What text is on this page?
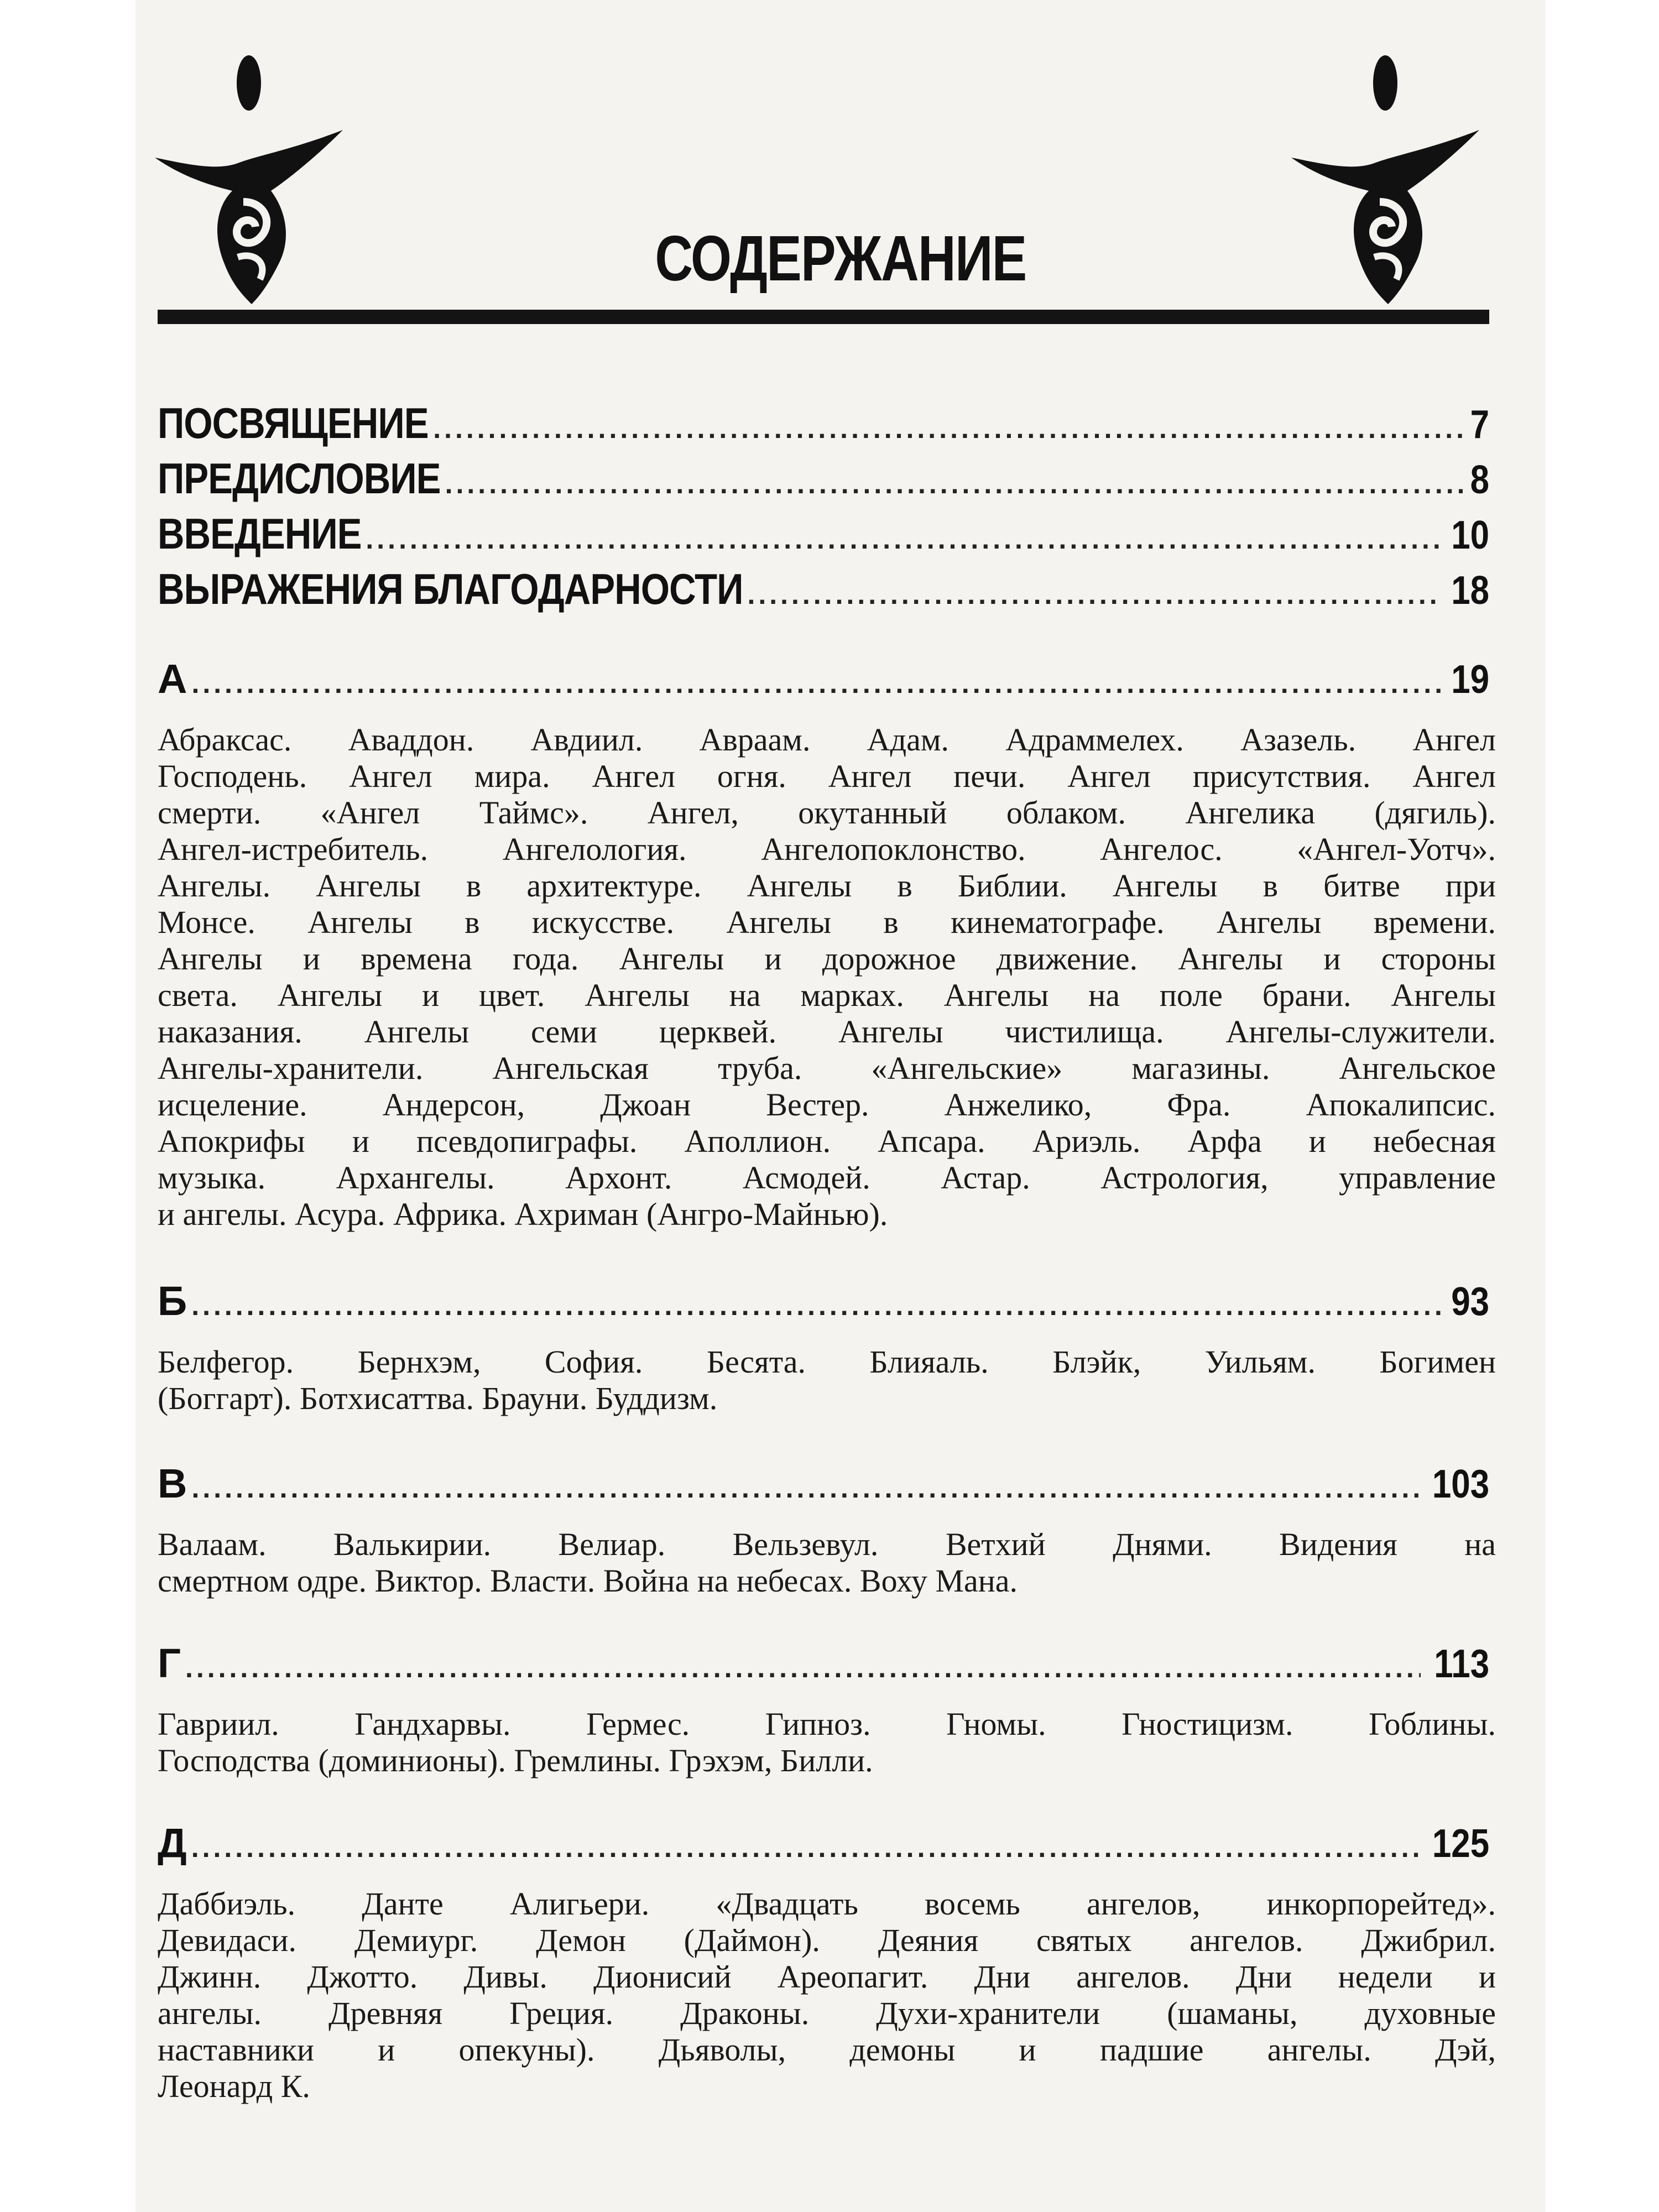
СОДЕРЖАНИЕ
ПОСВЯЩЕНИЕ .....	7
ПРЕДИСЛОВИЕ .....	8
ВВЕДЕНИЕ .....	10
ВЫРАЖЕНИЯ БЛАГОДАРНОСТИ .....	18
А .....	19
Абраксас. Аваддон. Авдиил. Авраам. Адам. Адраммелех. Азазель. Ангел
Господень. Ангел мира. Ангел огня. Ангел печи. Ангел присутствия. Ангел
смерти. «Ангел Таймс». Ангел, окутанный облаком. Ангелика (дягиль).
Ангел-истребитель. Ангелология. Ангелопоклонство. Ангелос. «Ангел-Уотч».
Ангелы. Ангелы в архитектуре. Ангелы в Библии. Ангелы в битве при
Монсе. Ангелы в искусстве. Ангелы в кинематографе. Ангелы времени.
Ангелы и времена года. Ангелы и дорожное движение. Ангелы и стороны
света. Ангелы и цвет. Ангелы на марках. Ангелы на поле брани. Ангелы
наказания. Ангелы семи церквей. Ангелы чистилища. Ангелы-служители.
Ангелы-хранители. Ангельская труба. «Ангельские» магазины. Ангельское
исцеление. Андерсон, Джоан Вестер. Анжелико, Фра. Апокалипсис.
Апокрифы и псевдопиграфы. Аполлион. Апсара. Ариэль. Арфа и небесная
музыка. Архангелы. Архонт. Асмодей. Астар. Астрология, управление
и ангелы. Асура. Африка. Ахриман (Ангро-Майнью).
Б .....	93
Белфегор. Бернхэм, София. Бесята. Блияаль. Блэйк, Уильям. Богимен
(Боггарт). Ботхисаттва. Брауни. Буддизм.
В .....	103
Валаам. Валькирии. Велиар. Вельзевул. Ветхий Днями. Видения на
смертном одре. Виктор. Власти. Война на небесах. Воху Мана.
Г .....	113
Гавриил. Гандхарвы. Гермес. Гипноз. Гномы. Гностицизм. Гоблины.
Господства (доминионы). Гремлины. Грэхэм, Билли.
Д .....	125
Даббиэль. Данте Алигьери. «Двадцать восемь ангелов, инкорпорейтед».
Девидаси. Демиург. Демон (Даймон). Деяния святых ангелов. Джибрил.
Джинн. Джотто. Дивы. Дионисий Ареопагит. Дни ангелов. Дни недели и
ангелы. Древняя Греция. Драконы. Духи-хранители (шаманы, духовные
наставники и опекуны). Дьяволы, демоны и падшие ангелы. Дэй,
Леонард К.
